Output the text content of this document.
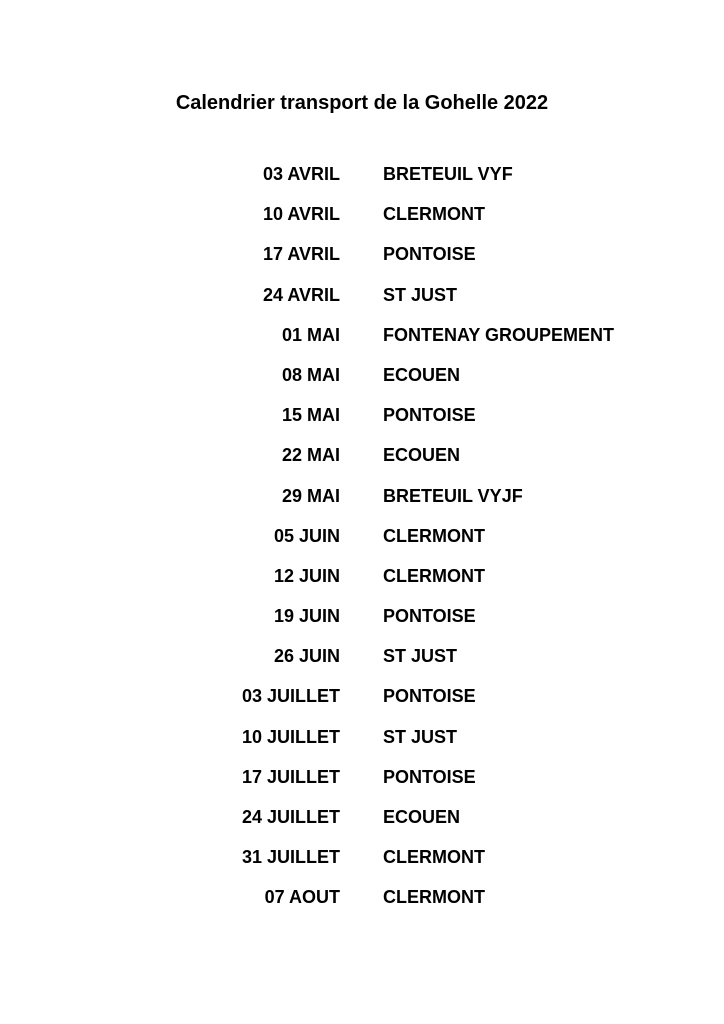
Calendrier transport de la Gohelle 2022
03 AVRIL BRETEUIL VYF
10 AVRIL CLERMONT
17 AVRIL PONTOISE
24 AVRIL ST JUST
01 MAI FONTENAY GROUPEMENT
08 MAI ECOUEN
15 MAI PONTOISE
22 MAI ECOUEN
29 MAI BRETEUIL VYJF
05 JUIN CLERMONT
12 JUIN CLERMONT
19 JUIN PONTOISE
26 JUIN ST JUST
03 JUILLET PONTOISE
10 JUILLET ST JUST
17 JUILLET PONTOISE
24 JUILLET ECOUEN
31 JUILLET CLERMONT
07 AOUT CLERMONT
